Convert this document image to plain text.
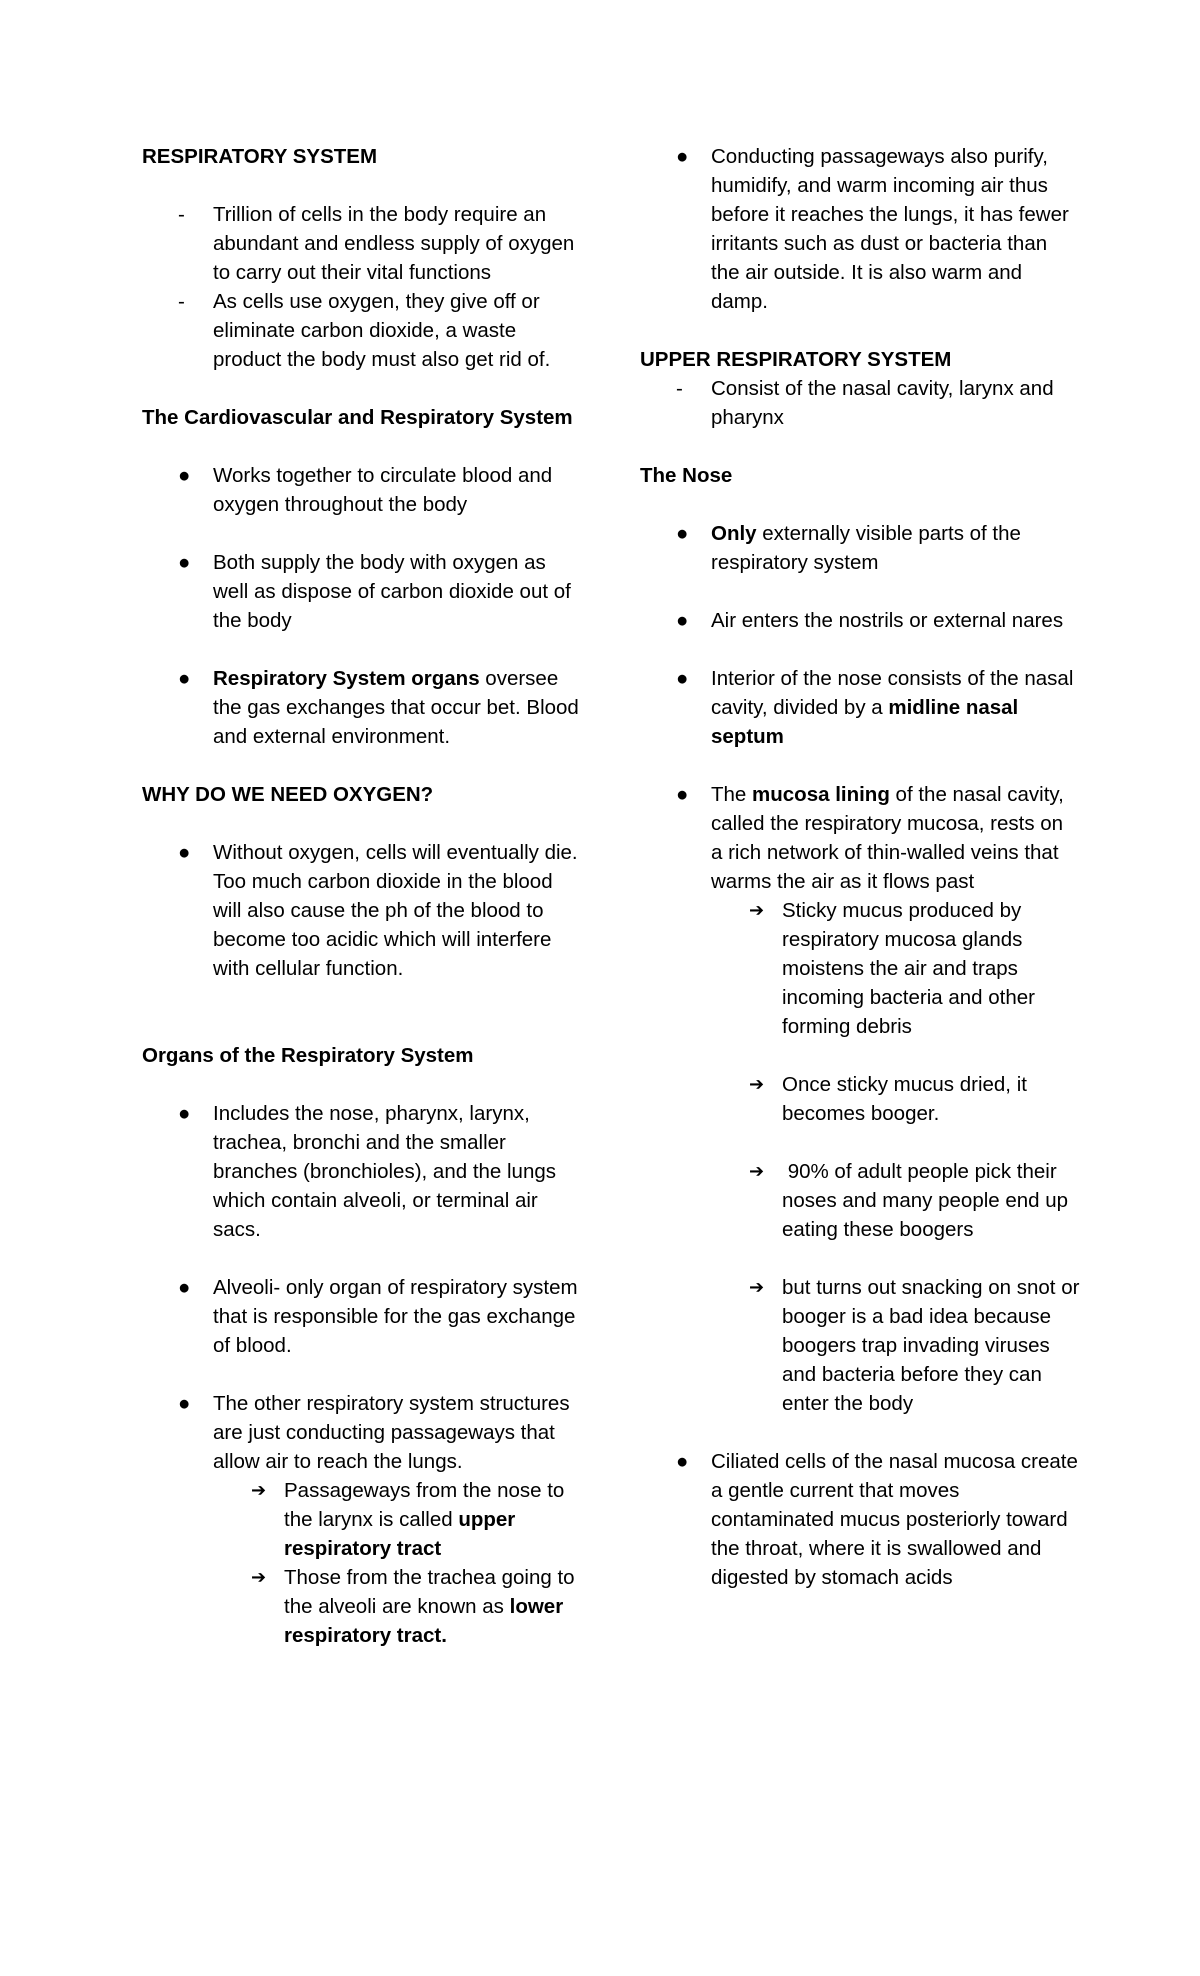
RESPIRATORY SYSTEM

- Trillion of cells in the body require an abundant and endless supply of oxygen to carry out their vital functions
- As cells use oxygen, they give off or eliminate carbon dioxide, a waste product the body must also get rid of.

The Cardiovascular and Respiratory System

● Works together to circulate blood and oxygen throughout the body
● Both supply the body with oxygen as well as dispose of carbon dioxide out of the body
● Respiratory System organs oversee the gas exchanges that occur bet. Blood and external environment.

WHY DO WE NEED OXYGEN?

● Without oxygen, cells will eventually die. Too much carbon dioxide in the blood will also cause the ph of the blood to become too acidic which will interfere with cellular function.

Organs of the Respiratory System

● Includes the nose, pharynx, larynx, trachea, bronchi and the smaller branches (bronchioles), and the lungs which contain alveoli, or terminal air sacs.
● Alveoli- only organ of respiratory system that is responsible for the gas exchange of blood.
● The other respiratory system structures are just conducting passageways that allow air to reach the lungs.
➔ Passageways from the nose to the larynx is called upper respiratory tract
➔ Those from the trachea going to the alveoli are known as lower respiratory tract.
● Conducting passageways also purify, humidify, and warm incoming air thus before it reaches the lungs, it has fewer irritants such as dust or bacteria than the air outside. It is also warm and damp.

UPPER RESPIRATORY SYSTEM

- Consist of the nasal cavity, larynx and pharynx

The Nose

● Only externally visible parts of the respiratory system
● Air enters the nostrils or external nares
● Interior of the nose consists of the nasal cavity, divided by a midline nasal septum
● The mucosa lining of the nasal cavity, called the respiratory mucosa, rests on a rich network of thin-walled veins that warms the air as it flows past
➔ Sticky mucus produced by respiratory mucosa glands moistens the air and traps incoming bacteria and other forming debris
➔ Once sticky mucus dried, it becomes booger.
➔ 90% of adult people pick their noses and many people end up eating these boogers
➔ but turns out snacking on snot or booger is a bad idea because boogers trap invading viruses and bacteria before they can enter the body
● Ciliated cells of the nasal mucosa create a gentle current that moves contaminated mucus posteriorly toward the throat, where it is swallowed and digested by stomach acids
